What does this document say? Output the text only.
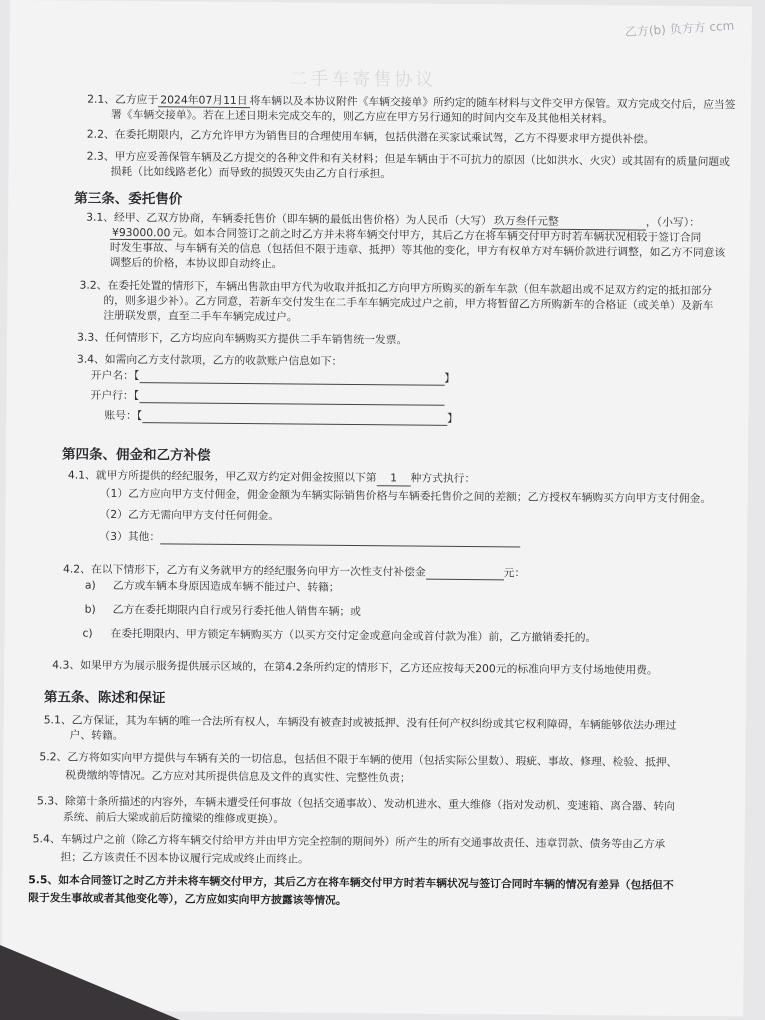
乙方(b) 负方方 ccm
二手车寄售协议
2.1、乙方应于 2024年07月11日 将车辆以及本协议附件《车辆交接单》所约定的随车材料与文件交甲方保管。双方完成交付后，应当签
署《车辆交接单》。若在上述日期未完成交车的，则乙方应在甲方另行通知的时间内交车及其他相关材料。
2.2、在委托期限内，乙方允许甲方为销售目的合理使用车辆，包括供潜在买家试乘试驾，乙方不得要求甲方提供补偿。
2.3、甲方应妥善保管车辆及乙方提交的各种文件和有关材料；但是车辆由于不可抗力的原因（比如洪水、火灾）或其固有的质量问题或
损耗（比如线路老化）而导致的损毁灭失由乙方自行承担。
第三条、委托售价
3.1、经甲、乙双方协商，车辆委托售价（即车辆的最低出售价格）为人民币（大写） 玖万叁仟元整	，（小写）：
¥93000.00 元。如本合同签订之前之时乙方并未将车辆交付甲方，其后乙方在将车辆交付甲方时若车辆状况相较于签订合同
时发生事故、与车辆有关的信息（包括但不限于违章、抵押）等其他的变化，甲方有权单方对车辆价款进行调整，如乙方不同意该
调整后的价格，本协议即自动终止。
3.2、在委托处置的情形下，车辆出售款由甲方代为收取并抵扣乙方向甲方所购买的新车车款（但车款超出或不足双方约定的抵扣部分
的，则多退少补）。乙方同意，若新车交付发生在二手车车辆完成过户之前，甲方将暂留乙方所购新车的合格证（或关单）及新车
注册联发票，直至二手车车辆完成过户。
3.3、任何情形下，乙方均应向车辆购买方提供二手车销售统一发票。
3.4、如需向乙方支付款项，乙方的收款账户信息如下：
开户名：【	】
开户行：【
账号：【	】
第四条、佣金和乙方补偿
4.1、就甲方所提供的经纪服务，甲乙双方约定对佣金按照以下第 1 种方式执行：
（1）乙方应向甲方支付佣金，佣金金额为车辆实际销售价格与车辆委托售价之间的差额；乙方授权车辆购买方向甲方支付佣金。
（2）乙方无需向甲方支付任何佣金。
（3）其他：
4.2、在以下情形下，乙方有义务就甲方的经纪服务向甲方一次性支付补偿金	元：
a) 乙方或车辆本身原因造成车辆不能过户、转籍；
b) 乙方在委托期限内自行或另行委托他人销售车辆；或
c) 在委托期限内、甲方锁定车辆购买方（以买方交付定金或意向金或首付款为准）前，乙方撤销委托的。
4.3、如果甲方为展示服务提供展示区域的，在第4.2条所约定的情形下，乙方还应按每天200元的标准向甲方支付场地使用费。
第五条、陈述和保证
5.1、乙方保证，其为车辆的唯一合法所有权人，车辆没有被查封或被抵押、没有任何产权纠纷或其它权利障碍，车辆能够依法办理过
户、转籍。
5.2、乙方将如实向甲方提供与车辆有关的一切信息，包括但不限于车辆的使用（包括实际公里数）、瑕疵、事故、修理、检验、抵押、
税费缴纳等情况。乙方应对其所提供信息及文件的真实性、完整性负责；
5.3、除第十条所描述的内容外，车辆未遭受任何事故（包括交通事故）、发动机进水、重大维修（指对发动机、变速箱、离合器、转向
系统、前后大梁或前后防撞梁的维修或更换）。
5.4、车辆过户之前（除乙方将车辆交付给甲方并由甲方完全控制的期间外）所产生的所有交通事故责任、违章罚款、债务等由乙方承
担；乙方该责任不因本协议履行完成或终止而终止。
5.5、如本合同签订之时乙方并未将车辆交付甲方，其后乙方在将车辆交付甲方时若车辆状况与签订合同时车辆的情况有差异（包括但不
限于发生事故或者其他变化等），乙方应如实向甲方披露该等情况。
